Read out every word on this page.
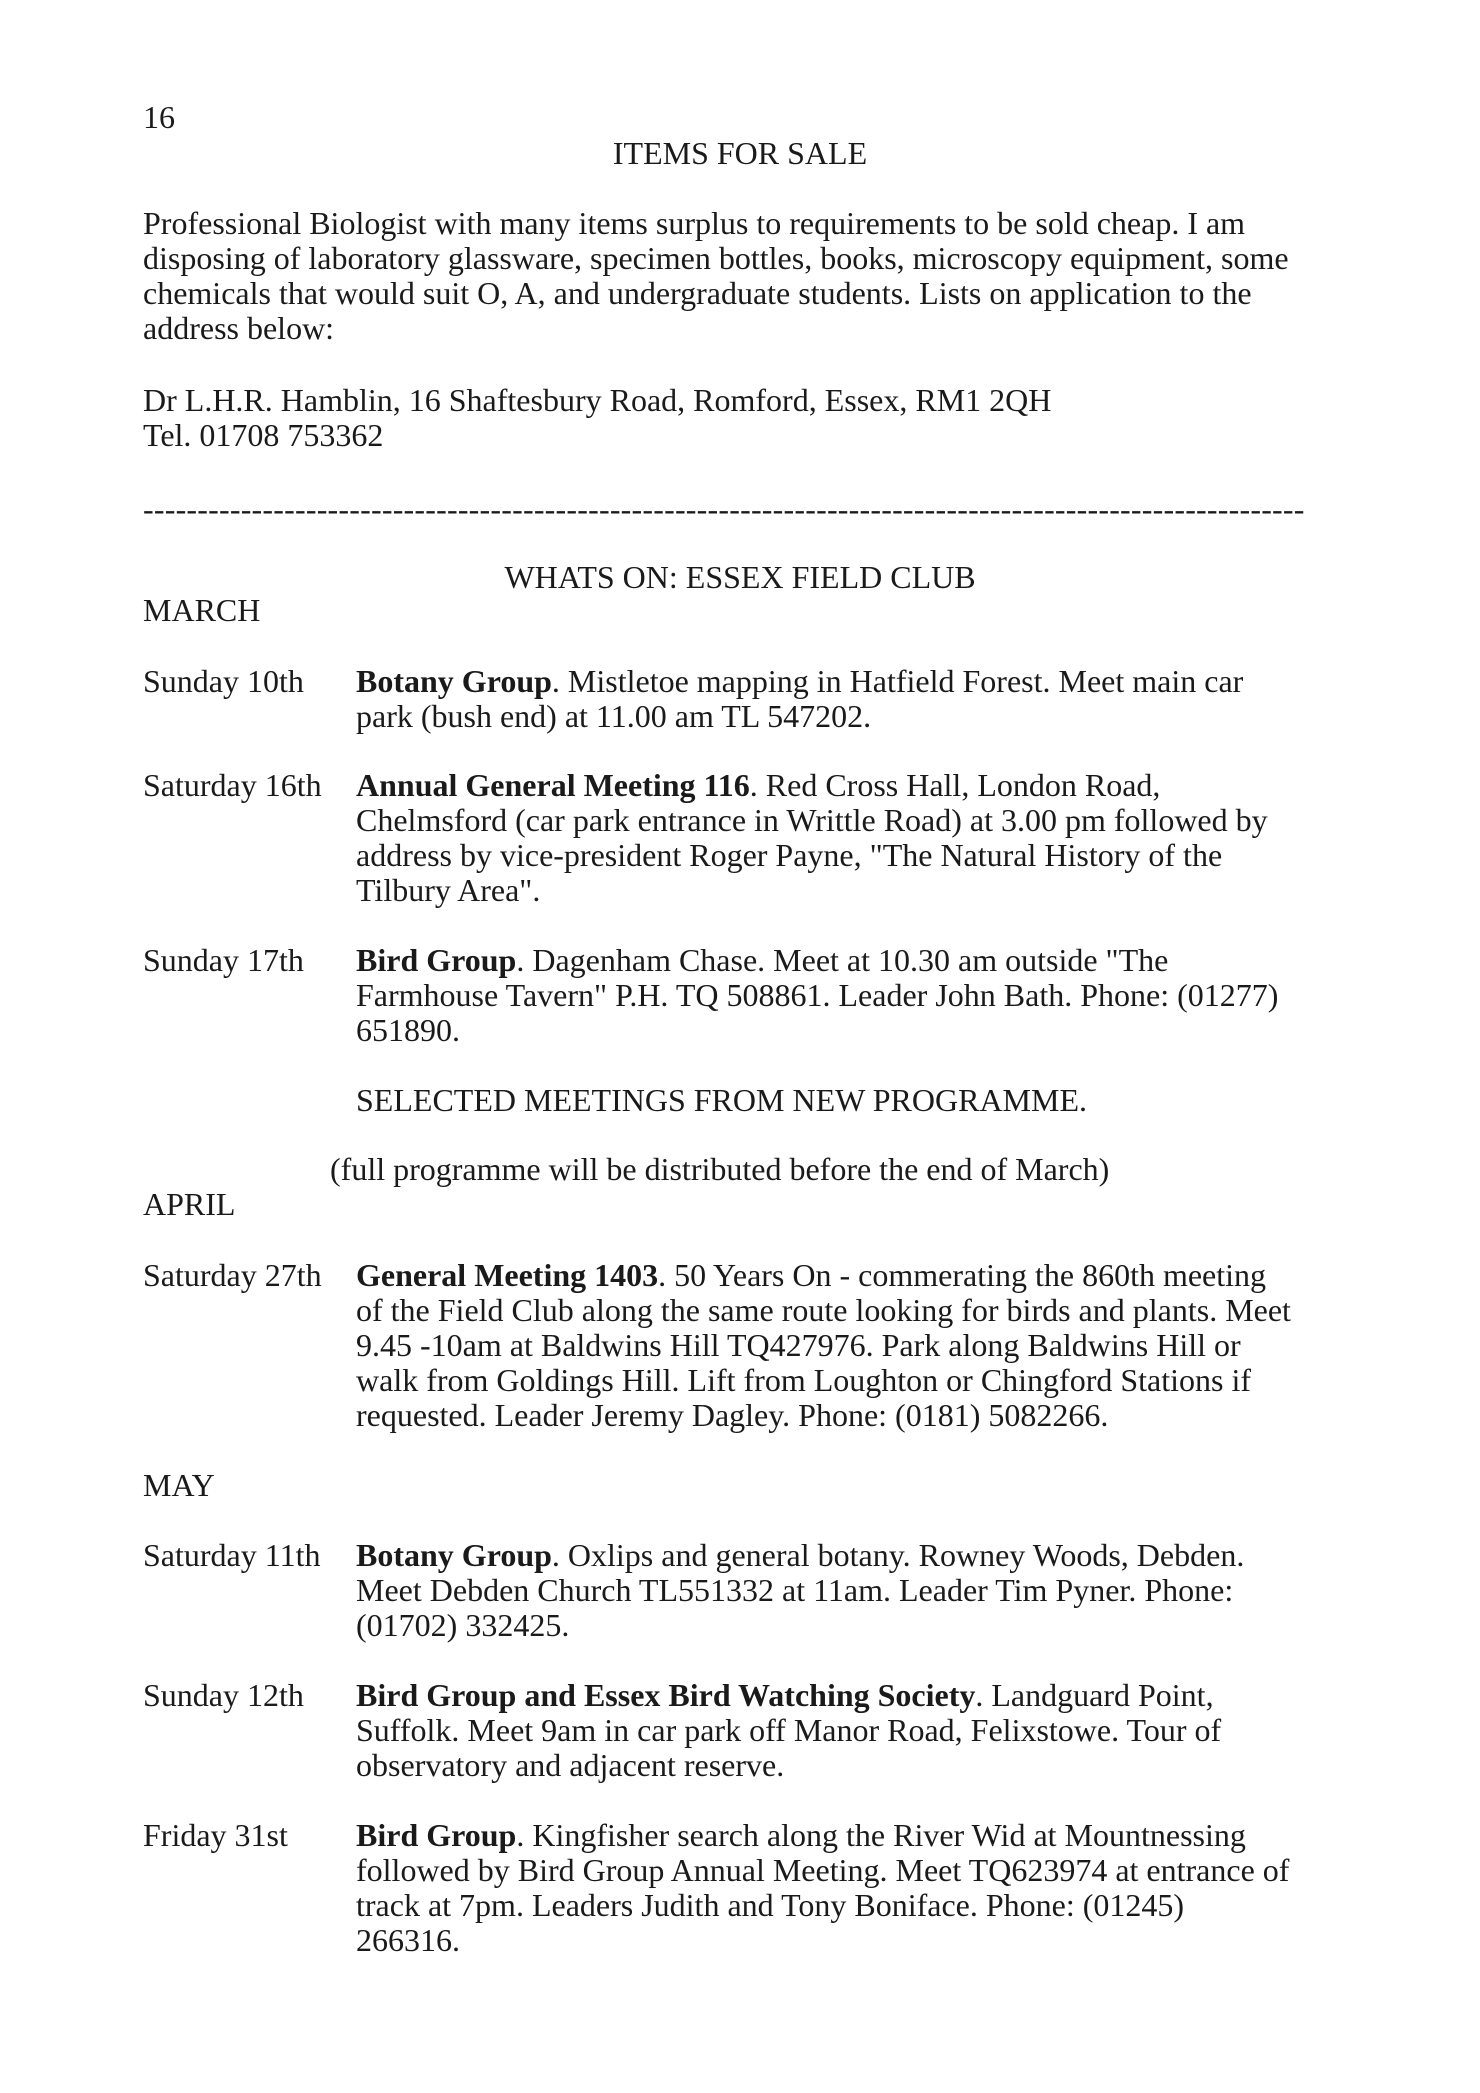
16
ITEMS FOR SALE
Professional Biologist with many items surplus to requirements to be sold cheap. I am
disposing of laboratory glassware, specimen bottles, books, microscopy equipment, some
chemicals that would suit O, A, and undergraduate students. Lists on application to the
address below:
Dr L.H.R. Hamblin, 16 Shaftesbury Road, Romford, Essex, RM1 2QH
Tel. 01708 753362
-----------------------------------------------------------------------------------------------------------
WHATS ON: ESSEX FIELD CLUB
MARCH
Sunday 10th Botany Group. Mistletoe mapping in Hatfield Forest. Meet main car
park (bush end) at 11.00 am TL 547202.
Saturday 16th Annual General Meeting 116. Red Cross Hall, London Road,
Chelmsford (car park entrance in Writtle Road) at 3.00 pm followed by
address by vice-president Roger Payne, "The Natural History of the
Tilbury Area".
Sunday 17th Bird Group. Dagenham Chase. Meet at 10.30 am outside "The
Farmhouse Tavern" P.H. TQ 508861. Leader John Bath. Phone: (01277)
651890.
SELECTED MEETINGS FROM NEW PROGRAMME.
(full programme will be distributed before the end of March)
APRIL
Saturday 27th General Meeting 1403. 50 Years On - commerating the 860th meeting
of the Field Club along the same route looking for birds and plants. Meet
9.45 -10am at Baldwins Hill TQ427976. Park along Baldwins Hill or
walk from Goldings Hill. Lift from Loughton or Chingford Stations if
requested. Leader Jeremy Dagley. Phone: (0181) 5082266.
MAY
Saturday 11th Botany Group. Oxlips and general botany. Rowney Woods, Debden.
Meet Debden Church TL551332 at 11am. Leader Tim Pyner. Phone:
(01702) 332425.
Sunday 12th Bird Group and Essex Bird Watching Society. Landguard Point,
Suffolk. Meet 9am in car park off Manor Road, Felixstowe. Tour of
observatory and adjacent reserve.
Friday 31st Bird Group. Kingfisher search along the River Wid at Mountnessing
followed by Bird Group Annual Meeting. Meet TQ623974 at entrance of
track at 7pm. Leaders Judith and Tony Boniface. Phone: (01245)
266316.
